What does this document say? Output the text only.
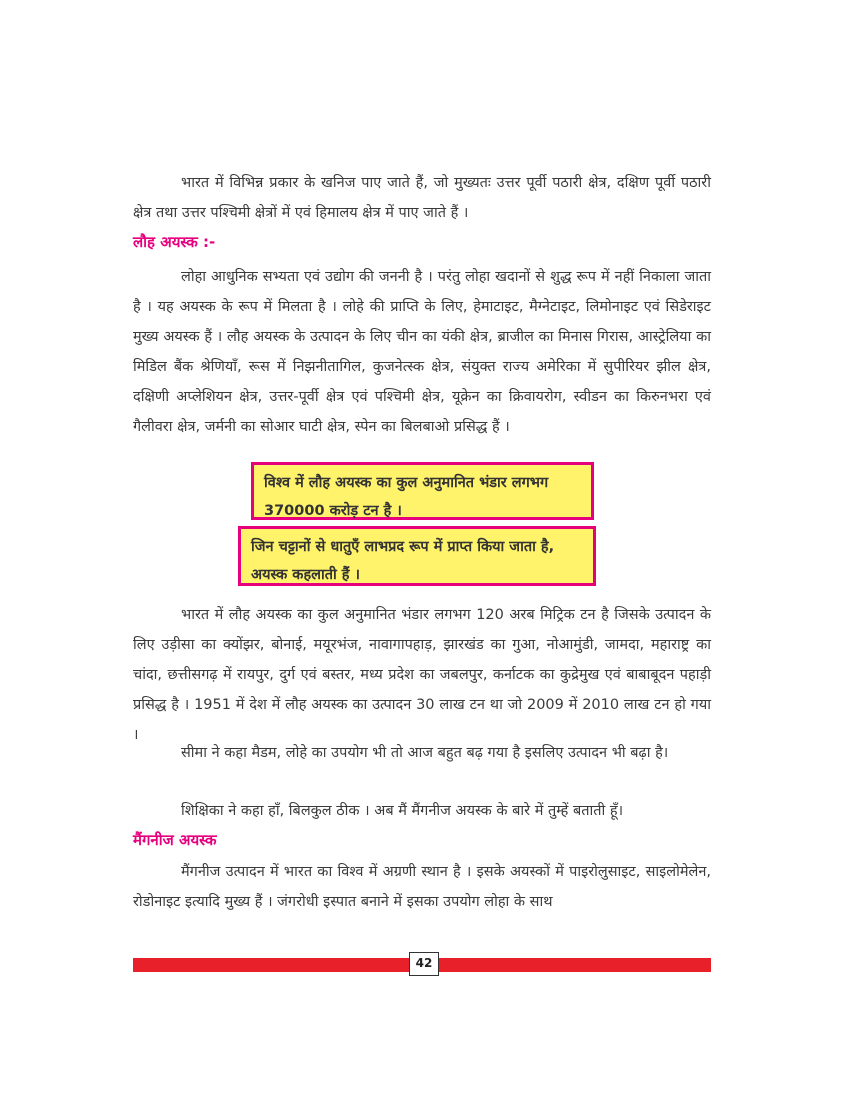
भारत में विभिन्न प्रकार के खनिज पाए जाते हैं, जो मुख्यतः उत्तर पूर्वी पठारी क्षेत्र, दक्षिण पूर्वी पठारी क्षेत्र तथा उत्तर पश्चिमी क्षेत्रों में एवं हिमालय क्षेत्र में पाए जाते हैं ।

लौह अयस्क :-

लोहा आधुनिक सभ्यता एवं उद्योग की जननी है । परंतु लोहा खदानों से शुद्ध रूप में नहीं निकाला जाता है । यह अयस्क के रूप में मिलता है । लोहे की प्राप्ति के लिए, हेमाटाइट, मैग्नेटाइट, लिमोनाइट एवं सिडेराइट मुख्य अयस्क हैं । लौह अयस्क के उत्पादन के लिए चीन का यंकी क्षेत्र, ब्राजील का मिनास गिरास, आस्ट्रेलिया का मिडिल बैंक श्रेणियाँ, रूस में निझनीतागिल, कुजनेत्स्क क्षेत्र, संयुक्त राज्य अमेरिका में सुपीरियर झील क्षेत्र, दक्षिणी अप्लेशियन क्षेत्र, उत्तर-पूर्वी क्षेत्र एवं पश्चिमी क्षेत्र, यूक्रेन का क्रिवायरोग, स्वीडन का किरुनभरा एवं गैलीवरा क्षेत्र, जर्मनी का सोआर घाटी क्षेत्र, स्पेन का बिलबाओ प्रसिद्ध हैं ।

विश्व में लौह अयस्क का कुल अनुमानित भंडार लगभग 370000 करोड़ टन है ।
जिन चट्टानों से धातुएँ लाभप्रद रूप में प्राप्त किया जाता है, अयस्क कहलाती हैं ।

भारत में लौह अयस्क का कुल अनुमानित भंडार लगभग 120 अरब मिट्रिक टन है जिसके उत्पादन के लिए उड़ीसा का क्योंझर, बोनाई, मयूरभंज, नावागापहाड़, झारखंड का गुआ, नोआमुंडी, जामदा, महाराष्ट्र का चांदा, छत्तीसगढ़ में रायपुर, दुर्ग एवं बस्तर, मध्य प्रदेश का जबलपुर, कर्नाटक का कुद्रेमुख एवं बाबाबूदन पहाड़ी प्रसिद्ध है । 1951 में देश में लौह अयस्क का उत्पादन 30 लाख टन था जो 2009 में 2010 लाख टन हो गया ।

सीमा ने कहा मैडम, लोहे का उपयोग भी तो आज बहुत बढ़ गया है इसलिए उत्पादन भी बढ़ा है।

शिक्षिका ने कहा हाँ, बिलकुल ठीक । अब मैं मैंगनीज अयस्क के बारे में तुम्हें बताती हूँ।

मैंगनीज अयस्क

मैंगनीज उत्पादन में भारत का विश्व में अग्रणी स्थान है । इसके अयस्कों में पाइरोलुसाइट, साइलोमेलेन, रोडोनाइट इत्यादि मुख्य हैं । जंगरोधी इस्पात बनाने में इसका उपयोग लोहा के साथ

42
